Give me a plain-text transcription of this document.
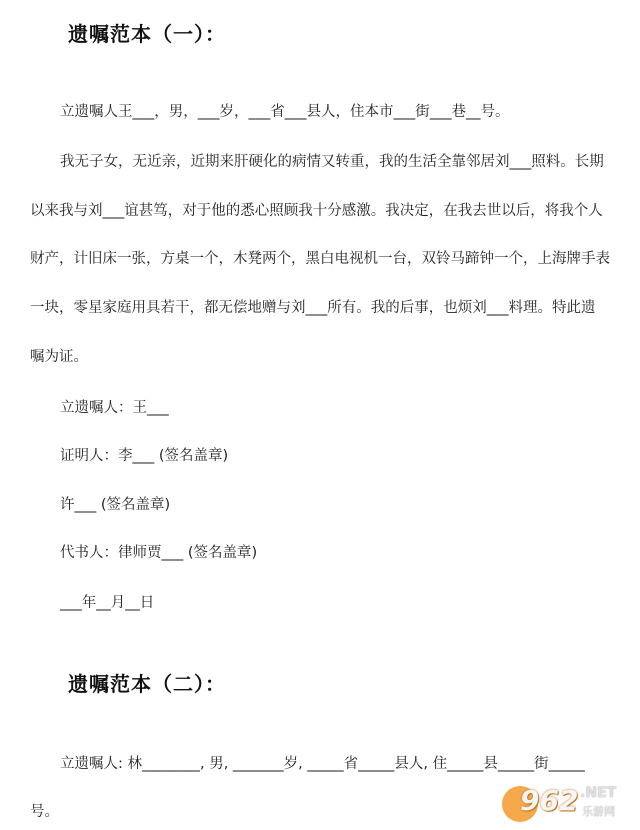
遗嘱范本（一）：
立遗嘱人王___，男，___岁，___省___县人，住本市___街___巷__号。
我无子女，无近亲，近期来肝硬化的病情又转重，我的生活全靠邻居刘___照料。长期
以来我与刘___谊甚笃，对于他的悉心照顾我十分感激。我决定，在我去世以后，将我个人
财产，计旧床一张，方桌一个，木凳两个，黑白电视机一台，双铃马蹄钟一个，上海牌手表
一块，零星家庭用具若干，都无偿地赠与刘___所有。我的后事，也烦刘___料理。特此遗
嘱为证。
立遗嘱人：王___
证明人：李___ (签名盖章)
许___ (签名盖章)
代书人：律师贾___ (签名盖章)
___年__月__日
遗嘱范本（二）：
立遗嘱人: 林________, 男, _______岁, _____省_____县人, 住_____县_____街_____
号。	962 .NET
乐游网
